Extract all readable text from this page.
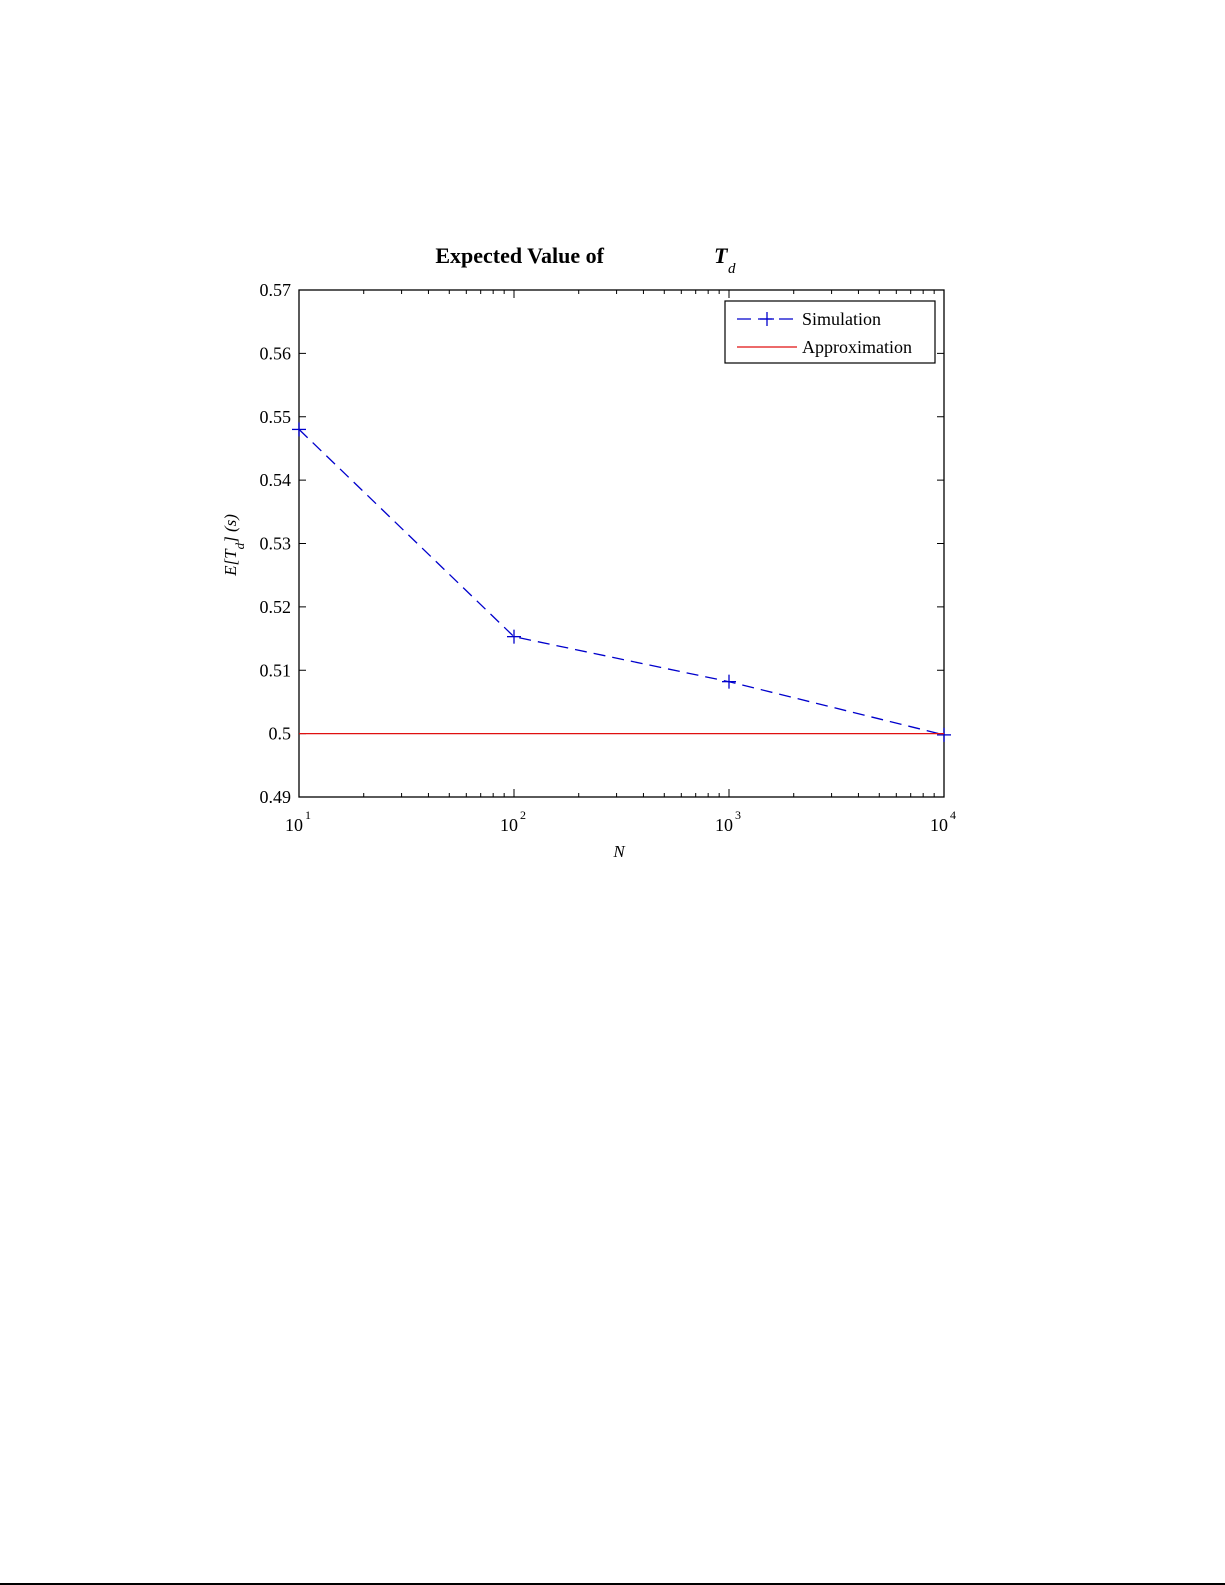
Expected Value of	T
d
0.49
0.5
0.51
0.52
0.53
0.54
0.55
0.56
0.57
10 1	10 2	10 3	10 4
N
$E[T_d]$ (s)
Simulation
Approximation
